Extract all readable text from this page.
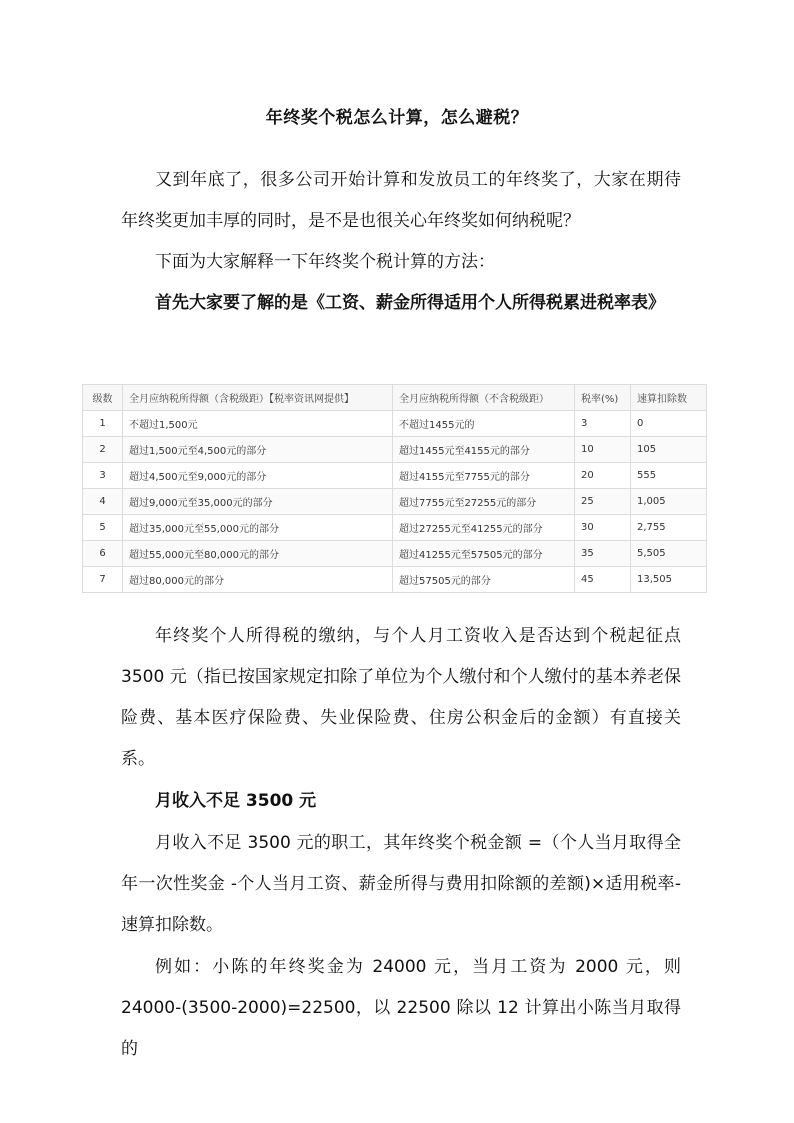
年终奖个税怎么计算，怎么避税？

又到年底了，很多公司开始计算和发放员工的年终奖了，大家在期待年终奖更加丰厚的同时，是不是也很关心年终奖如何纳税呢？

下面为大家解释一下年终奖个税计算的方法：

首先大家要了解的是《工资、薪金所得适用个人所得税累进税率表》

级数	全月应纳税所得额（含税级距）【税率资讯网提供】	全月应纳税所得额（不含税级距）	税率(%)	速算扣除数
1	不超过1,500元	不超过1455元的	3	0
2	超过1,500元至4,500元的部分	超过1455元至4155元的部分	10	105
3	超过4,500元至9,000元的部分	超过4155元至7755元的部分	20	555
4	超过9,000元至35,000元的部分	超过7755元至27255元的部分	25	1,005
5	超过35,000元至55,000元的部分	超过27255元至41255元的部分	30	2,755
6	超过55,000元至80,000元的部分	超过41255元至57505元的部分	35	5,505
7	超过80,000元的部分	超过57505元的部分	45	13,505

年终奖个人所得税的缴纳，与个人月工资收入是否达到个税起征点 3500 元（指已按国家规定扣除了单位为个人缴付和个人缴付的基本养老保险费、基本医疗保险费、失业保险费、住房公积金后的金额）有直接关系。

月收入不足 3500 元

月收入不足 3500 元的职工，其年终奖个税金额 =（个人当月取得全年一次性奖金 -个人当月工资、薪金所得与费用扣除额的差额)×适用税率-速算扣除数。

例如：小陈的年终奖金为 24000 元，当月工资为 2000 元，则 24000-(3500-2000)=22500，以 22500 除以 12 计算出小陈当月取得的
